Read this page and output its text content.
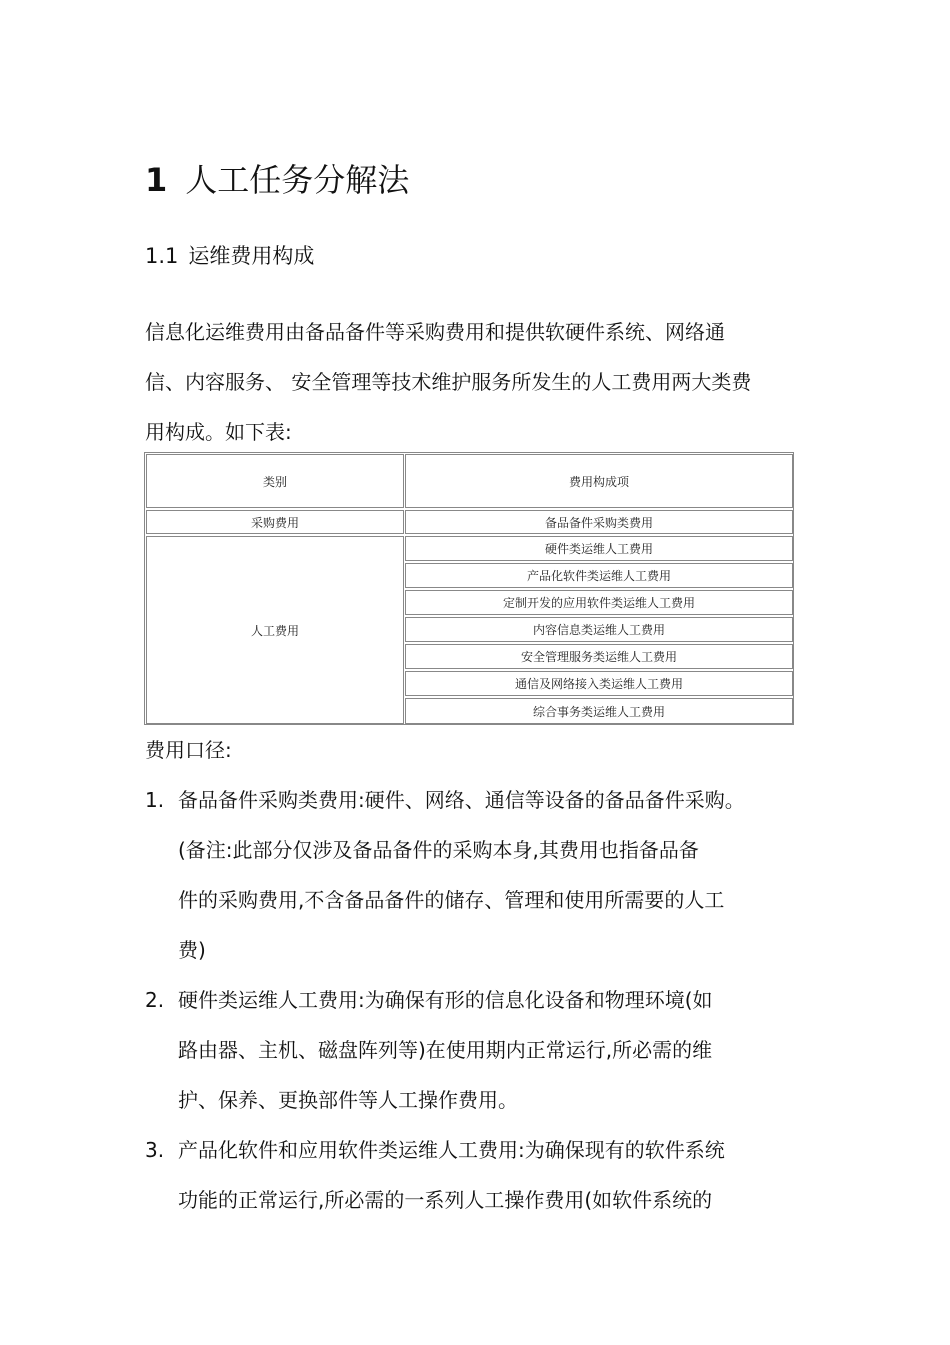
1 人工任务分解法
1.1 运维费用构成
信息化运维费用由备品备件等采购费用和提供软硬件系统、网络通
信、内容服务、 安全管理等技术维护服务所发生的人工费用两大类费
用构成。如下表:
类别	费用构成项
采购费用	备品备件采购类费用
人工费用
硬件类运维人工费用
产品化软件类运维人工费用
定制开发的应用软件类运维人工费用
内容信息类运维人工费用
安全管理服务类运维人工费用
通信及网络接入类运维人工费用
综合事务类运维人工费用
费用口径:
1. 备品备件采购类费用:硬件、网络、通信等设备的备品备件采购。
(备注:此部分仅涉及备品备件的采购本身,其费用也指备品备
件的采购费用,不含备品备件的储存、管理和使用所需要的人工
费)
2. 硬件类运维人工费用:为确保有形的信息化设备和物理环境(如
路由器、主机、磁盘阵列等)在使用期内正常运行,所必需的维
护、保养、更换部件等人工操作费用。
3. 产品化软件和应用软件类运维人工费用:为确保现有的软件系统
功能的正常运行,所必需的一系列人工操作费用(如软件系统的
